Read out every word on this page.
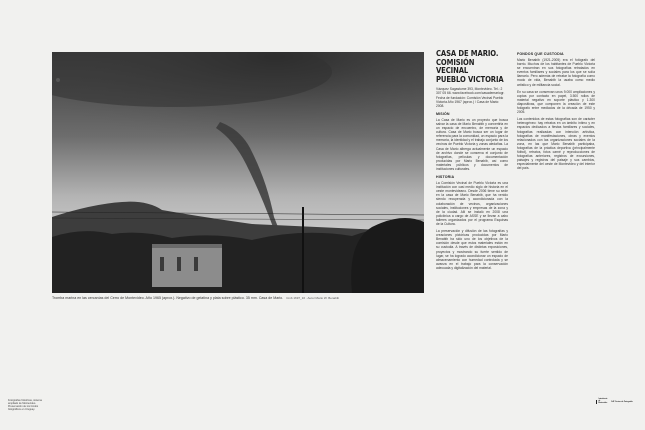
Tromba marina en las cercanías del Cerro de Montevideo. Año 1965 (aprox.). Negativo de gelatina y plata sobre plástico. 35 mm. Casa de Mario. Cmb 1697_16 · Autor Mario W. Benabib
CASA DE MARIO.
COMISIÓN VECINAL
PUEBLO VICTORIA

Vázquez Sagastume 393, Montevideo. Tel.: 2 307 05 66. www.facebook.com/casademariogr. Fecha de fundación: Comisión Vecinal Pueblo Victoria Año 1967 (aprox.) / Casa de Mario: 2008.

MISIÓN

La Casa de Mario es un proyecto que busca salvar la casa de Mario Benabib y convertirla en un espacio de encuentro, de memoria y de cultura. Casa de Mario busca ser un lugar de referencia para la comunidad, un espacio para la memoria, la identidad y el trabajo conjunto de los vecinos de Pueblo Victoria y zonas aledañas. La Casa de Mario alberga actualmente un espacio de archivo donde se conserva el conjunto de fotografías, películas y documentación producidas por Mario Benabib, así como materiales públicos y documentos de instituciones culturales.

HISTORIA

La Comisión Vecinal de Pueblo Victoria es una institución con casi medio siglo de historia en el oeste montevideano. Desde 2006 tiene su sede en la casa de Mario Benabib, que ha venido siendo recuperada y acondicionada con la colaboración de vecinos, organizaciones sociales, instituciones y empresas de la zona y de la ciudad. Allí se instaló en 2008 una policlínica a cargo de ASSE y se llevan a cabo talleres organizados por el programa Esquinas de la Cultura.

La preservación y difusión de las fotografías y creaciones pictóricas producidas por Mario Benabib ha sido uno de los objetivos de la comisión desde que estos materiales están en su custodia. A través de distintas exposiciones, proyectos y mostrando su fuerte sentido de lugar, se ha logrado acondicionar un espacio de almacenamiento con humedad controlada y se avanza en el trabajo para la conservación adecuada y digitalización del material.

FONDOS QUE CUSTODIA

Mario Benabib (1921-2005) era el fotógrafo del barrio. Muchos de los habitantes de Pueblo Victoria se encuentran en sus fotografías retratados en eventos familiares y sociales para los que se solía llamarlo. Pero además de retratar la fotografía como modo de vida, Benabib la usaba como medio artístico y de militancia social.

En su casa se conservan unos 9.000 ampliaciones y copias por contacto en papel, 3.500 rollos de material negativo en soporte plástico y 1.300 diapositivas, que componen la creación de este fotógrafo entre mediados de la década de 1950 y 2005.

Los contenidos de estas fotografías son de carácter heterogéneo: hay retratos en un ámbito íntimo y en espacios dedicados a fiestas familiares y sociales, fotografías realizadas con intención artística, fotografías de manifestaciones, obras y eventos relacionados con las organizaciones sociales de la zona, en las que Mario Benabib participaba, fotografías de la práctica deportiva (principalmente fútbol), retratos, fotos carné y reproducciones de fotografías anteriores, registros de excursiones, paisajes y registros del paisaje y sus cambios, especialmente del oeste de Montevideo y del interior del país.

Fotografías históricas, sistema ampliado de Montevideo. Preservación de los fondos fotográficos en Uruguay.
Intendencia de Montevideo
CdF Centro de Fotografía
